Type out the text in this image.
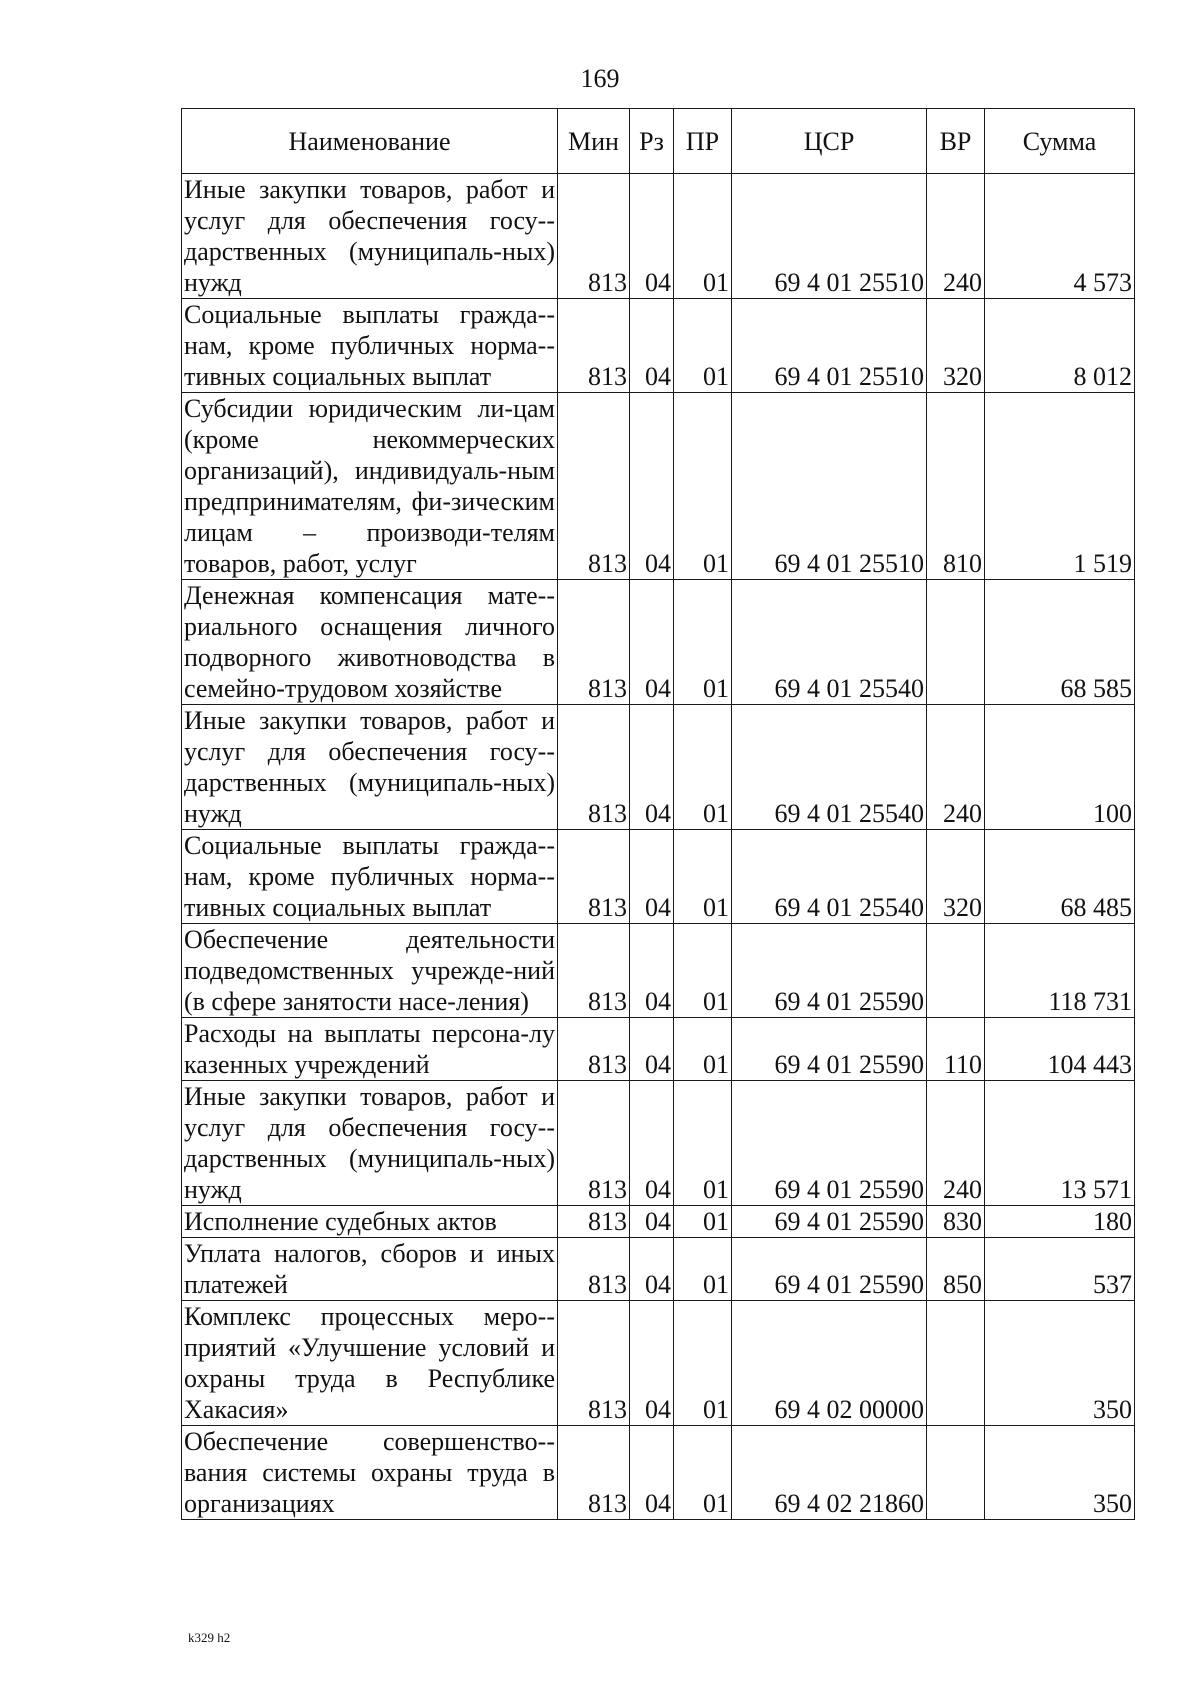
169
Наименование	Мин	Рз	ПР	ЦСР	ВР	Сумма
Иные закупки товаров, работ и услуг для обеспечения госу-дарственных (муниципаль-ных) нужд	813	04	01	69 4 01 25510	240	4 573
Социальные выплаты гражда-нам, кроме публичных норма-тивных социальных выплат	813	04	01	69 4 01 25510	320	8 012
Субсидии юридическим ли-цам (кроме некоммерческих организаций), индивидуаль-ным предпринимателям, фи-зическим лицам – производи-телям товаров, работ, услуг	813	04	01	69 4 01 25510	810	1 519
Денежная компенсация мате-риального оснащения личного подворного животноводства в семейно-трудовом хозяйстве	813	04	01	69 4 01 25540		68 585
Иные закупки товаров, работ и услуг для обеспечения госу-дарственных (муниципаль-ных) нужд	813	04	01	69 4 01 25540	240	100
Социальные выплаты гражда-нам, кроме публичных норма-тивных социальных выплат	813	04	01	69 4 01 25540	320	68 485
Обеспечение деятельности подведомственных учрежде-ний (в сфере занятости насе-ления)	813	04	01	69 4 01 25590		118 731
Расходы на выплаты персона-лу казенных учреждений	813	04	01	69 4 01 25590	110	104 443
Иные закупки товаров, работ и услуг для обеспечения госу-дарственных (муниципаль-ных) нужд	813	04	01	69 4 01 25590	240	13 571
Исполнение судебных актов	813	04	01	69 4 01 25590	830	180
Уплата налогов, сборов и иных платежей	813	04	01	69 4 01 25590	850	537
Комплекс процессных меро-приятий «Улучшение условий и охраны труда в Республике Хакасия»	813	04	01	69 4 02 00000		350
Обеспечение совершенство-вания системы охраны труда в организациях	813	04	01	69 4 02 21860		350
k329 h2
